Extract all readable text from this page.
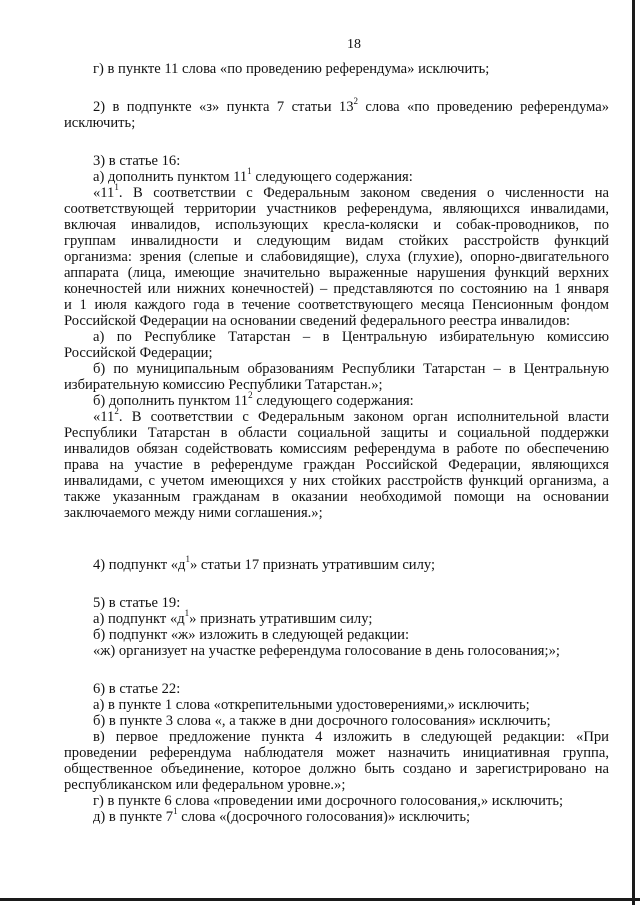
18
г) в пункте 11 слова «по проведению референдума» исключить;
2) в подпункте «з» пункта 7 статьи $13^2$ слова «по проведению референдума»
исключить;
3) в статье 16:
а) дополнить пунктом $11^1$ следующего содержания:
«$11^1$. В соответствии с Федеральным законом сведения о численности на
соответствующей территории участников референдума, являющихся инвалидами,
включая инвалидов, использующих кресла-коляски и собак-проводников, по
группам инвалидности и следующим видам стойких расстройств функций
организма: зрения (слепые и слабовидящие), слуха (глухие), опорно-двигательного
аппарата (лица, имеющие значительно выраженные нарушения функций верхних
конечностей или нижних конечностей) – представляются по состоянию на 1 января
и 1 июля каждого года в течение соответствующего месяца Пенсионным фондом
Российской Федерации на основании сведений федерального реестра инвалидов:
а) по Республике Татарстан – в Центральную избирательную комиссию
Российской Федерации;
б) по муниципальным образованиям Республики Татарстан – в Центральную
избирательную комиссию Республики Татарстан.»;
б) дополнить пунктом $11^2$ следующего содержания:
«$11^2$. В соответствии с Федеральным законом орган исполнительной власти
Республики Татарстан в области социальной защиты и социальной поддержки
инвалидов обязан содействовать комиссиям референдума в работе по обеспечению
права на участие в референдуме граждан Российской Федерации, являющихся
инвалидами, с учетом имеющихся у них стойких расстройств функций организма, а
также указанным гражданам в оказании необходимой помощи на основании
заключаемого между ними соглашения.»;
4) подпункт «$д^1$» статьи 17 признать утратившим силу;
5) в статье 19:
а) подпункт «$д^1$» признать утратившим силу;
б) подпункт «ж» изложить в следующей редакции:
«ж) организует на участке референдума голосование в день голосования;»;
6) в статье 22:
а) в пункте 1 слова «открепительными удостоверениями,» исключить;
б) в пункте 3 слова «, а также в дни досрочного голосования» исключить;
в) первое предложение пункта 4 изложить в следующей редакции: «При
проведении референдума наблюдателя может назначить инициативная группа,
общественное объединение, которое должно быть создано и зарегистрировано на
республиканском или федеральном уровне.»;
г) в пункте 6 слова «проведении ими досрочного голосования,» исключить;
д) в пункте $7^1$ слова «(досрочного голосования)» исключить;
